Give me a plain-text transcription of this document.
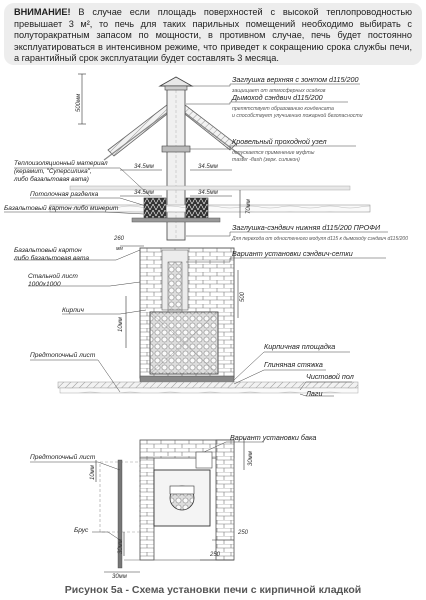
ВНИМАНИЕ! В случае если площадь поверхностей с высокой теплопроводностью превышает 3 м², то печь для таких парильных помещений необходимо выбирать с полуторакратным запасом по мощности, в противном случае, печь будет постоянно эксплуатироваться в интенсивном режиме, что приведет к сокращению срока службы печи, а гарантийный срок эксплуатации будет составлять 3 месяца.
Заглушка верхняя с зонтом d115/200
защищает от атмосферных осадков
Дымоход сэндвич d115/200
препятствует образованию конденсата
и способствует улучшению пожарной безопасности
Кровельный проходной узел
допускается применение муфты
master -flash (зерк. силикон)
Теплоизоляционный материал
(керамит, "Суперсилика",
либо базальтовая вата)
Потолочная разделка
Базальтовый картон либо минерит
Заглушка-сэндвич нижняя d115/200 ПРОФИ
Для перехода от одностенного модуля d115 к дымоходу сэндвич d115/200
Вариант установки сэндвич-сетки
Базальтовый картон
либо базальтовая вата
Стальной лист
1000х1000
Кирпич
Кирпичная площадка
Глиняная стяжка
Чистовой пол
Лаги
Предтопочный лист
Вариант установки бака
Предтопочный лист
Брус
500мм
34.5мм	34.5мм
34.5мм	34.5мм
70мм
260
мм
500
10мм
30мм
10мм
30мм
250
250
30мм

Рисунок 5а - Схема установки печи с кирпичной кладкой
